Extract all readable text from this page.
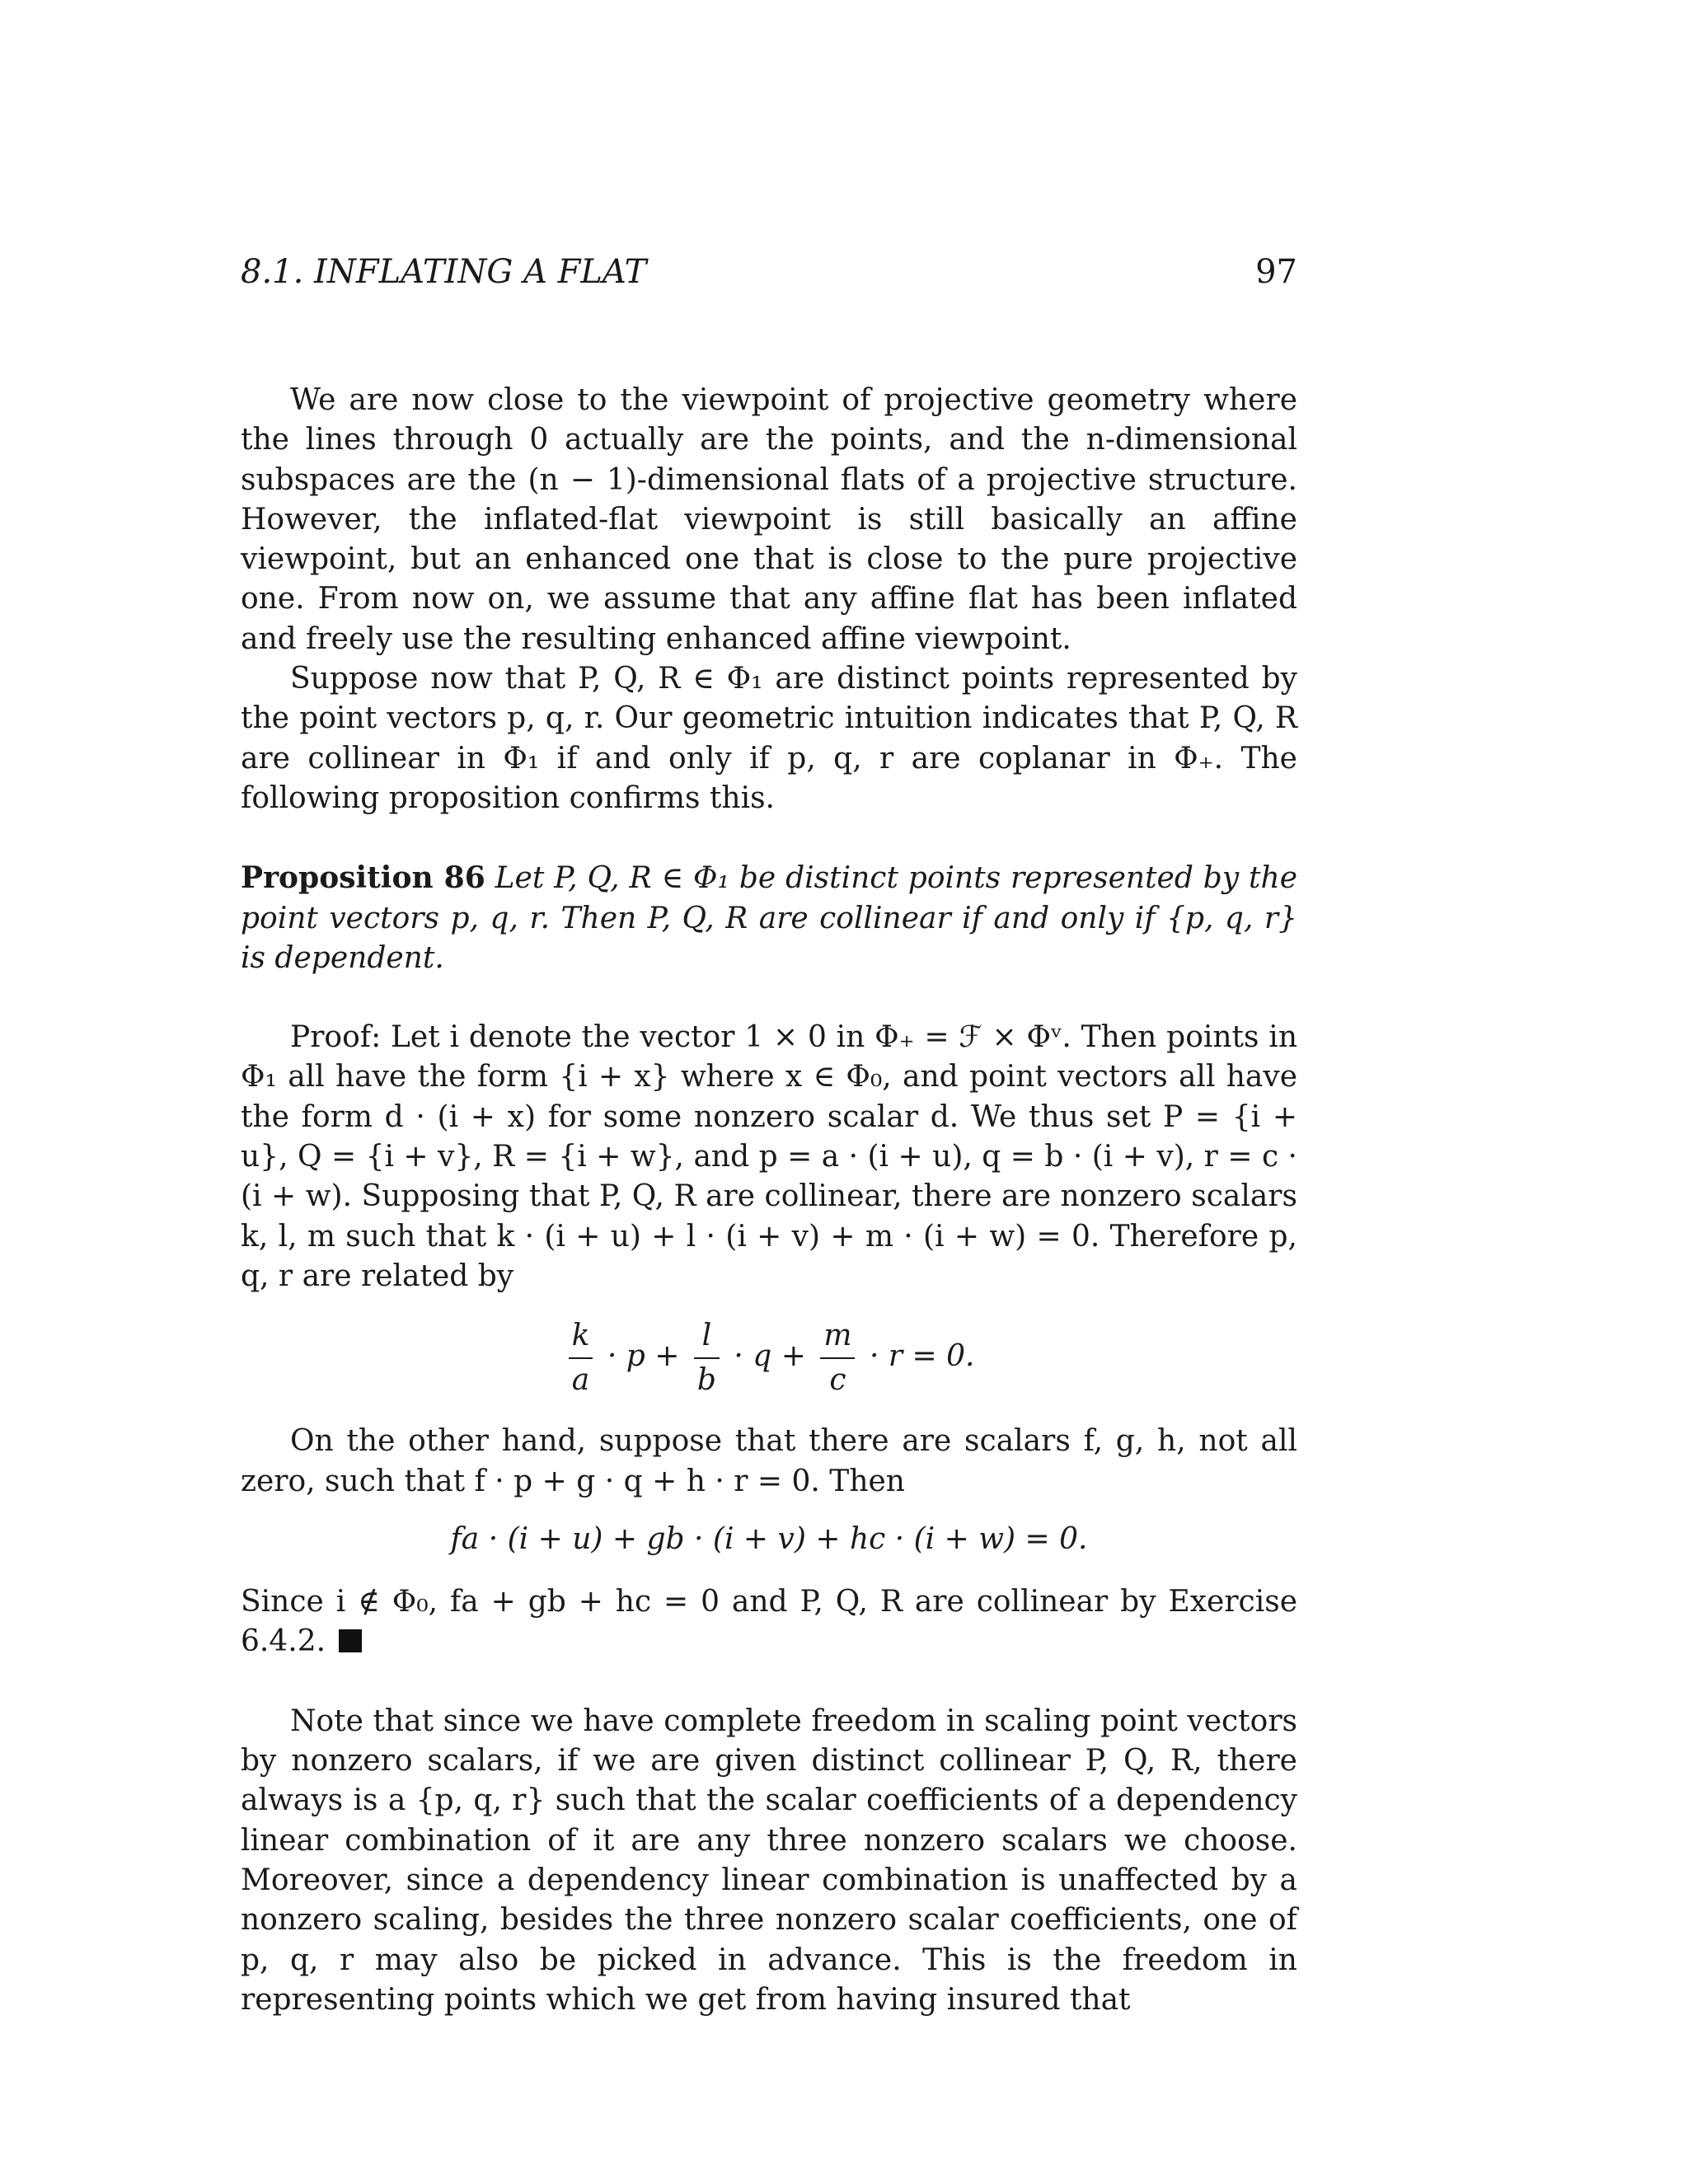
8.1. INFLATING A FLAT	97

We are now close to the viewpoint of projective geometry where the lines through 0 actually are the points, and the n-dimensional subspaces are the (n − 1)-dimensional flats of a projective structure. However, the inflated-flat viewpoint is still basically an affine viewpoint, but an enhanced one that is close to the pure projective one. From now on, we assume that any affine flat has been inflated and freely use the resulting enhanced affine viewpoint.

Suppose now that P, Q, R ∈ Φ₁ are distinct points represented by the point vectors p, q, r. Our geometric intuition indicates that P, Q, R are collinear in Φ₁ if and only if p, q, r are coplanar in Φ₊. The following proposition confirms this.

Proposition 86 Let P, Q, R ∈ Φ₁ be distinct points represented by the point vectors p, q, r. Then P, Q, R are collinear if and only if {p, q, r} is dependent.

Proof: Let i denote the vector 1 × 0 in Φ₊ = ℱ × Φᵛ. Then points in Φ₁ all have the form {i + x} where x ∈ Φ₀, and point vectors all have the form d · (i + x) for some nonzero scalar d. We thus set P = {i + u}, Q = {i + v}, R = {i + w}, and p = a · (i + u), q = b · (i + v), r = c · (i + w). Supposing that P, Q, R are collinear, there are nonzero scalars k, l, m such that k · (i + u) + l · (i + v) + m · (i + w) = 0. Therefore p, q, r are related by

$\frac{k}{a} \cdot p + \frac{l}{b} \cdot q + \frac{m}{c} \cdot r = 0$.

On the other hand, suppose that there are scalars f, g, h, not all zero, such that f · p + g · q + h · r = 0. Then

fa · (i + u) + gb · (i + v) + hc · (i + w) = 0.

Since i ∉ Φ₀, fa + gb + hc = 0 and P, Q, R are collinear by Exercise 6.4.2.

Note that since we have complete freedom in scaling point vectors by nonzero scalars, if we are given distinct collinear P, Q, R, there always is a {p, q, r} such that the scalar coefficients of a dependency linear combination of it are any three nonzero scalars we choose. Moreover, since a dependency linear combination is unaffected by a nonzero scaling, besides the three nonzero scalar coefficients, one of p, q, r may also be picked in advance. This is the freedom in representing points which we get from having insured that
